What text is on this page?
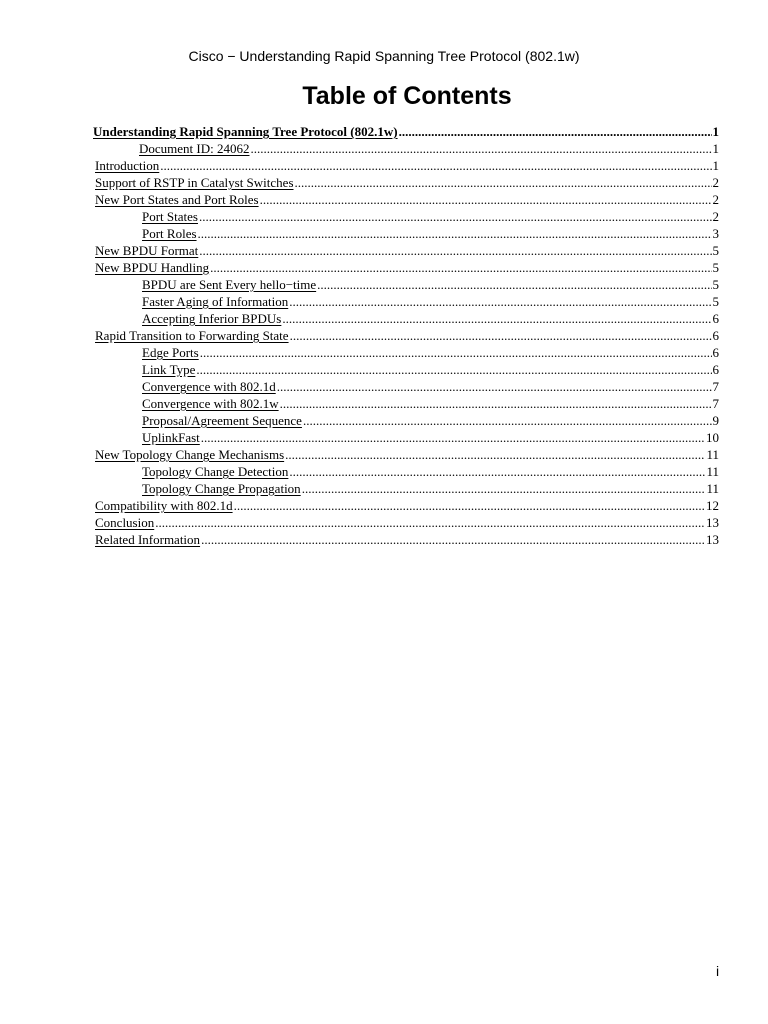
Cisco − Understanding Rapid Spanning Tree Protocol (802.1w)
Table of Contents
Understanding Rapid Spanning Tree Protocol (802.1w) .....	1
Document ID: 24062 .....	1
Introduction .....	1
Support of RSTP in Catalyst Switches .....	2
New Port States and Port Roles .....	2
Port States .....	2
Port Roles .....	3
New BPDU Format .....	5
New BPDU Handling .....	5
BPDU are Sent Every hello−time .....	5
Faster Aging of Information .....	5
Accepting Inferior BPDUs .....	6
Rapid Transition to Forwarding State .....	6
Edge Ports .....	6
Link Type .....	6
Convergence with 802.1d .....	7
Convergence with 802.1w .....	7
Proposal/Agreement Sequence .....	9
UplinkFast .....	10
New Topology Change Mechanisms .....	11
Topology Change Detection .....	11
Topology Change Propagation .....	11
Compatibility with 802.1d .....	12
Conclusion .....	13
Related Information .....	13
i
